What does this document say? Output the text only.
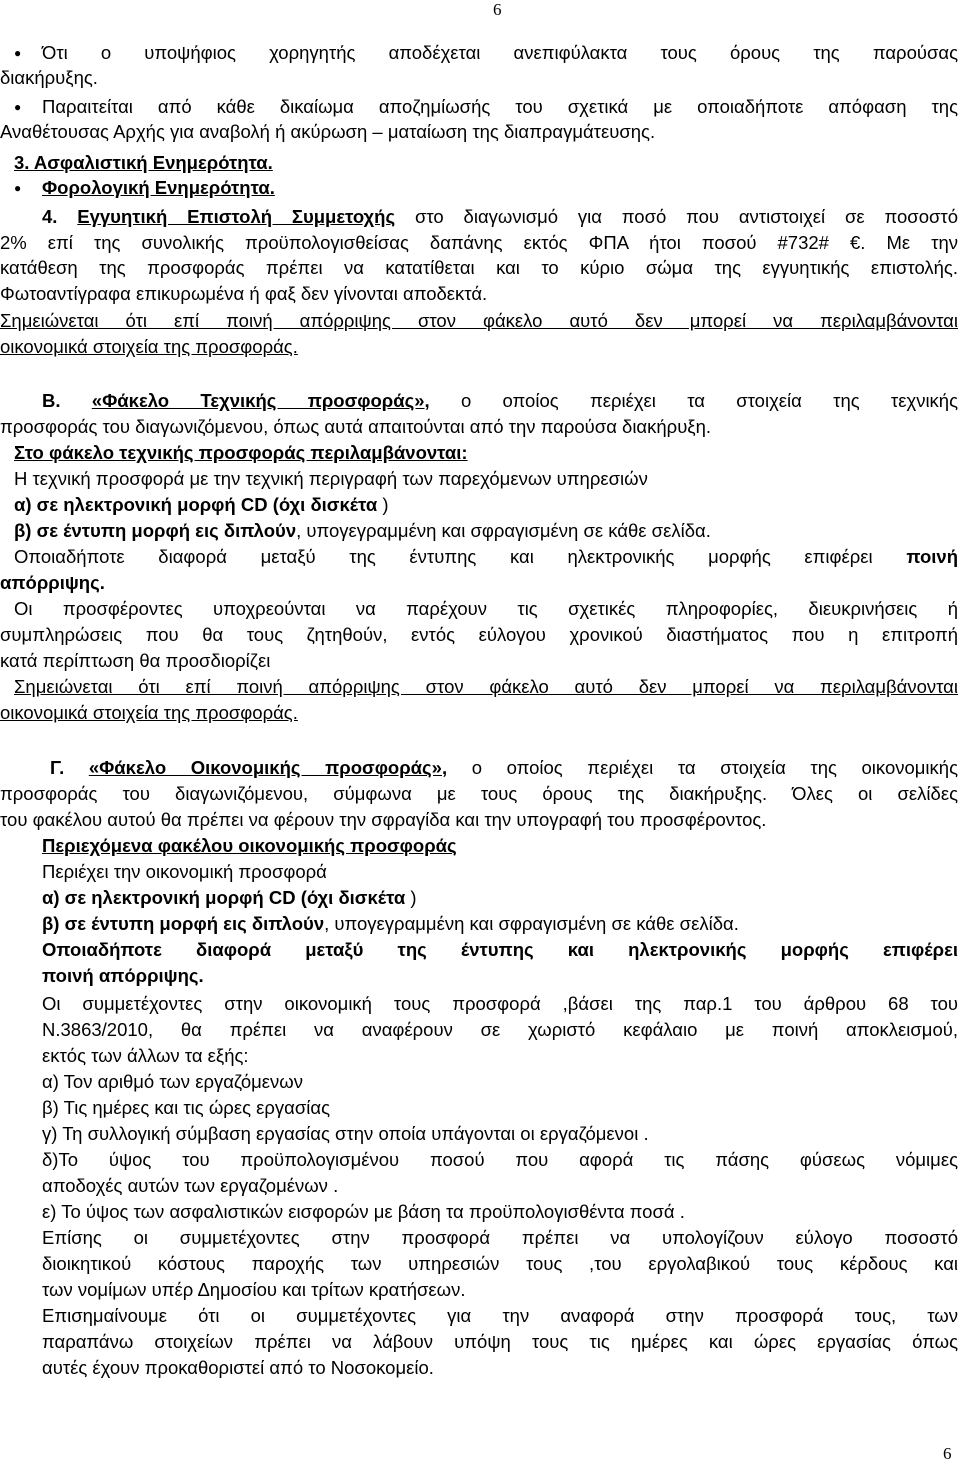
6
● Ότι ο υποψήφιος χορηγητής αποδέχεται ανεπιφύλακτα τους όρους της παρούσας
διακήρυξης.
● Παραιτείται από κάθε δικαίωμα αποζημίωσής του σχετικά με οποιαδήποτε απόφαση της
Αναθέτουσας Αρχής για αναβολή ή ακύρωση – ματαίωση της διαπραγμάτευσης.
3. Ασφαλιστική Ενημερότητα.
● Φορολογική Ενημερότητα.
4. Εγγυητική Επιστολή Συμμετοχής στο διαγωνισμό για ποσό που αντιστοιχεί σε ποσοστό
2% επί της συνολικής προϋπολογισθείσας δαπάνης εκτός ΦΠΑ ήτοι ποσού #732# €. Με την
κατάθεση της προσφοράς πρέπει να κατατίθεται και το κύριο σώμα της εγγυητικής επιστολής.
Φωτοαντίγραφα επικυρωμένα ή φαξ δεν γίνονται αποδεκτά.
Σημειώνεται ότι επί ποινή απόρριψης στον φάκελο αυτό δεν μπορεί να περιλαμβάνονται
οικονομικά στοιχεία της προσφοράς.
Β. «Φάκελο Τεχνικής προσφοράς», ο οποίος περιέχει τα στοιχεία της τεχνικής
προσφοράς του διαγωνιζόμενου, όπως αυτά απαιτούνται από την παρούσα διακήρυξη.
Στο φάκελο τεχνικής προσφοράς περιλαμβάνονται:
Η τεχνική προσφορά με την τεχνική περιγραφή των παρεχόμενων υπηρεσιών
α) σε ηλεκτρονική μορφή CD (όχι δισκέτα )
β) σε έντυπη μορφή εις διπλούν, υπογεγραμμένη και σφραγισμένη σε κάθε σελίδα.
Οποιαδήποτε διαφορά μεταξύ της έντυπης και ηλεκτρονικής μορφής επιφέρει ποινή
απόρριψης.
Οι προσφέροντες υποχρεούνται να παρέχουν τις σχετικές πληροφορίες, διευκρινήσεις ή
συμπληρώσεις που θα τους ζητηθούν, εντός εύλογου χρονικού διαστήματος που η επιτροπή
κατά περίπτωση θα προσδιορίζει
Σημειώνεται ότι επί ποινή απόρριψης στον φάκελο αυτό δεν μπορεί να περιλαμβάνονται
οικονομικά στοιχεία της προσφοράς.
Γ. «Φάκελο Οικονομικής προσφοράς», ο οποίος περιέχει τα στοιχεία της οικονομικής
προσφοράς του διαγωνιζόμενου, σύμφωνα με τους όρους της διακήρυξης. Όλες οι σελίδες
του φακέλου αυτού θα πρέπει να φέρουν την σφραγίδα και την υπογραφή του προσφέροντος.
Περιεχόμενα φακέλου οικονομικής προσφοράς
Περιέχει την οικονομική προσφορά
α) σε ηλεκτρονική μορφή CD (όχι δισκέτα )
β) σε έντυπη μορφή εις διπλούν, υπογεγραμμένη και σφραγισμένη σε κάθε σελίδα.
Οποιαδήποτε διαφορά μεταξύ της έντυπης και ηλεκτρονικής μορφής επιφέρει
ποινή απόρριψης.
Οι συμμετέχοντες στην οικονομική τους προσφορά ,βάσει της παρ.1 του άρθρου 68 του
Ν.3863/2010, θα πρέπει να αναφέρουν σε χωριστό κεφάλαιο με ποινή αποκλεισμού,
εκτός των άλλων τα εξής:
α) Τον αριθμό των εργαζόμενων
β) Τις ημέρες και τις ώρες εργασίας
γ) Τη συλλογική σύμβαση εργασίας στην οποία υπάγονται οι εργαζόμενοι .
δ)Το ύψος του προϋπολογισμένου ποσού που αφορά τις πάσης φύσεως νόμιμες
αποδοχές αυτών των εργαζομένων .
ε) Το ύψος των ασφαλιστικών εισφορών με βάση τα προϋπολογισθέντα ποσά .
Επίσης οι συμμετέχοντες στην προσφορά πρέπει να υπολογίζουν εύλογο ποσοστό
διοικητικού κόστους παροχής των υπηρεσιών τους ,του εργολαβικού τους κέρδους και
των νομίμων υπέρ Δημοσίου και τρίτων κρατήσεων.
Επισημαίνουμε ότι οι συμμετέχοντες για την αναφορά στην προσφορά τους, των
παραπάνω στοιχείων πρέπει να λάβουν υπόψη τους τις ημέρες και ώρες εργασίας όπως
αυτές έχουν προκαθοριστεί από το Νοσοκομείο.
6
